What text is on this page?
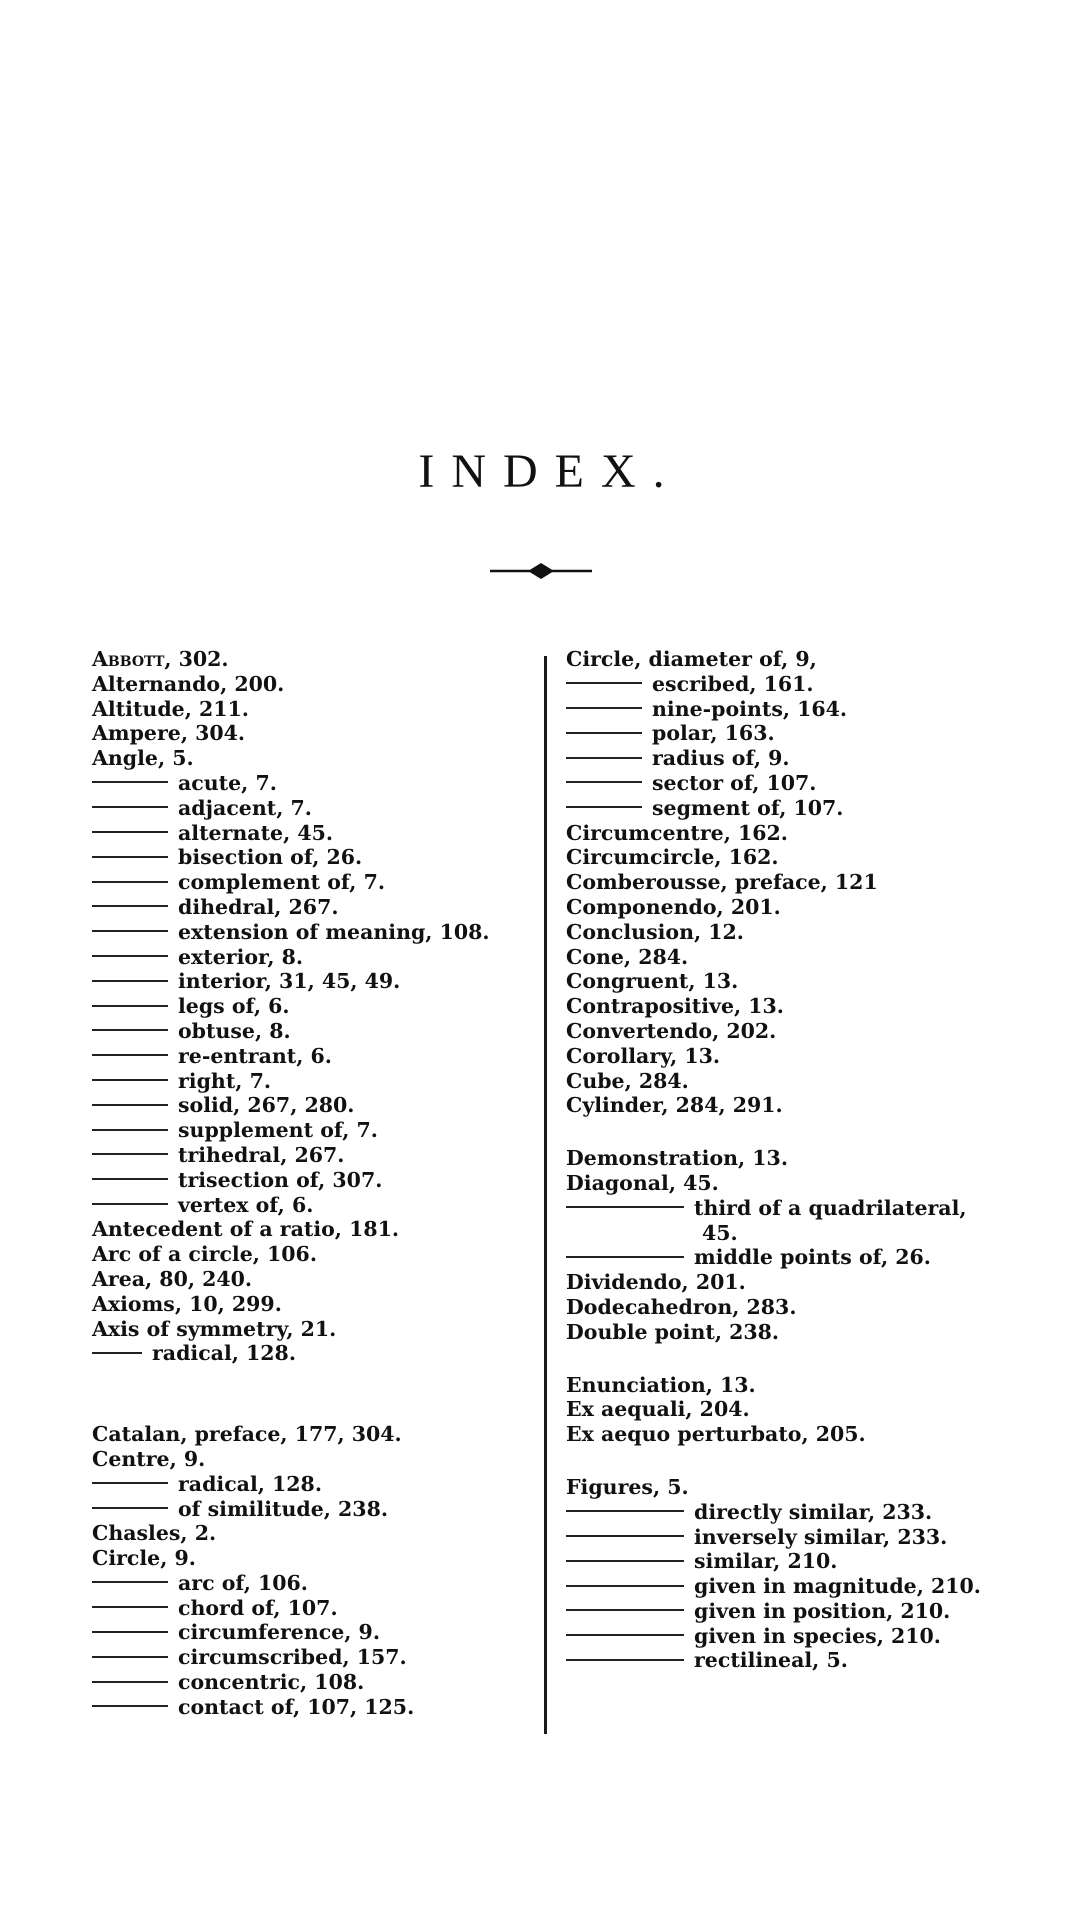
INDEX.
Abbott, 302.
Alternando, 200.
Altitude, 211.
Ampere, 304.
Angle, 5.
acute, 7.
adjacent, 7.
alternate, 45.
bisection of, 26.
complement of, 7.
dihedral, 267.
extension of meaning, 108.
exterior, 8.
interior, 31, 45, 49.
legs of, 6.
obtuse, 8.
re-entrant, 6.
right, 7.
solid, 267, 280.
supplement of, 7.
trihedral, 267.
trisection of, 307.
vertex of, 6.
Antecedent of a ratio, 181.
Arc of a circle, 106.
Area, 80, 240.
Axioms, 10, 299.
Axis of symmetry, 21.
radical, 128.
Catalan, preface, 177, 304.
Centre, 9.
radical, 128.
of similitude, 238.
Chasles, 2.
Circle, 9.
arc of, 106.
chord of, 107.
circumference, 9.
circumscribed, 157.
concentric, 108.
contact of, 107, 125.
Circle, diameter of, 9,
escribed, 161.
nine-points, 164.
polar, 163.
radius of, 9.
sector of, 107.
segment of, 107.
Circumcentre, 162.
Circumcircle, 162.
Comberousse, preface, 121
Componendo, 201.
Conclusion, 12.
Cone, 284.
Congruent, 13.
Contrapositive, 13.
Convertendo, 202.
Corollary, 13.
Cube, 284.
Cylinder, 284, 291.
Demonstration, 13.
Diagonal, 45.
third of a quadrilateral,
45.
middle points of, 26.
Dividendo, 201.
Dodecahedron, 283.
Double point, 238.
Enunciation, 13.
Ex aequali, 204.
Ex aequo perturbato, 205.
Figures, 5.
directly similar, 233.
inversely similar, 233.
similar, 210.
given in magnitude, 210.
given in position, 210.
given in species, 210.
rectilineal, 5.
